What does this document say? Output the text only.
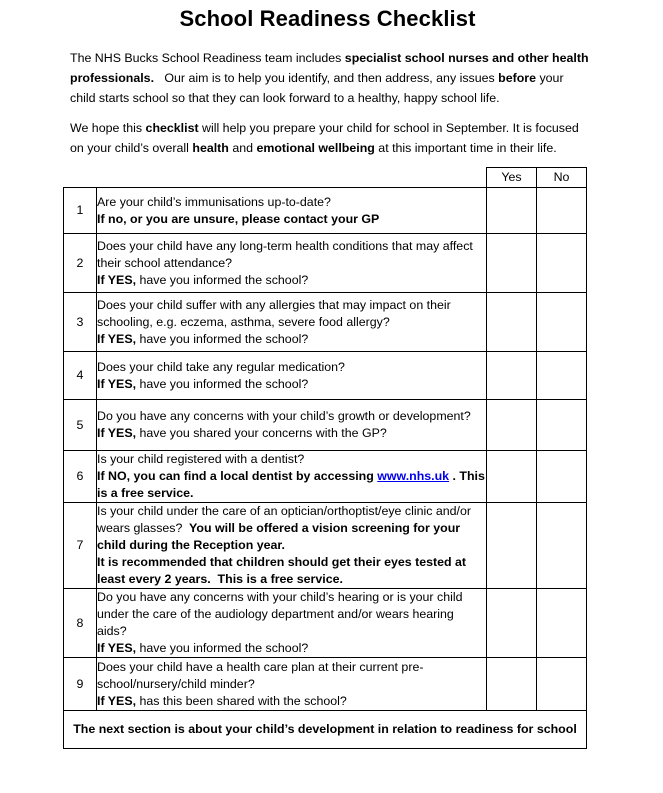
School Readiness Checklist
The NHS Bucks School Readiness team includes specialist school nurses and other health professionals.   Our aim is to help you identify, and then address, any issues before your child starts school so that they can look forward to a healthy, happy school life.
We hope this checklist will help you prepare your child for school in September. It is focused on your child’s overall health and emotional wellbeing at this important time in their life.
		Yes	No
1	Are your child’s immunisations up-to-date?
If no, or you are unsure, please contact your GP		
2	Does your child have any long-term health conditions that may affect their school attendance?
If YES, have you informed the school?		

3	Does your child suffer with any allergies that may impact on their schooling, e.g. eczema, asthma, severe food allergy?
If YES, have you informed the school?		

4	Does your child take any regular medication?
If YES, have you informed the school?		

5	Do you have any concerns with your child’s growth or development?
If YES, have you shared your concerns with the GP?		

6	Is your child registered with a dentist?
If NO, you can find a local dentist by accessing www.nhs.uk . This is a free service.		

7	Is your child under the care of an optician/orthoptist/eye clinic and/or wears glasses?  You will be offered a vision screening for your child during the Reception year.
It is recommended that children should get their eyes tested at least every 2 years.  This is a free service.		

8	Do you have any concerns with your child’s hearing or is your child under the care of the audiology department and/or wears hearing aids?
If YES, have you informed the school?		

9	Does your child have a health care plan at their current pre-school/nursery/child minder?
If YES, has this been shared with the school?		

The next section is about your child’s development in relation to readiness for school			
